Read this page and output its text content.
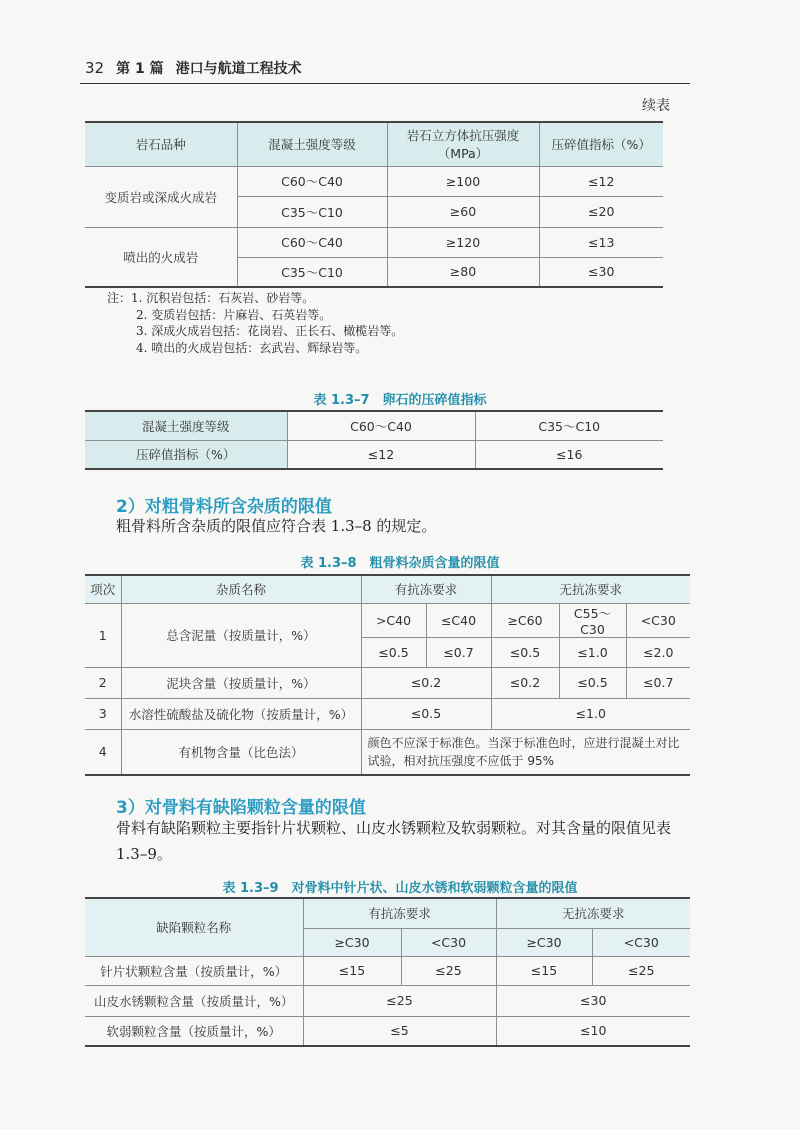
32 第 1 篇 港口与航道工程技术
续表
岩石品种	混凝土强度等级	岩石立方体抗压强度（MPa）	压碎值指标（%）
变质岩或深成火成岩	C60～C40	≥100	≤12
	C35～C10	≥60	≤20
喷出的火成岩	C60～C40	≥120	≤13
	C35～C10	≥80	≤30
注：1. 沉积岩包括：石灰岩、砂岩等。
2. 变质岩包括：片麻岩、石英岩等。
3. 深成火成岩包括：花岗岩、正长石、橄榄岩等。
4. 喷出的火成岩包括：玄武岩、辉绿岩等。
表 1.3–7　卵石的压碎值指标
混凝土强度等级	C60～C40	C35～C10
压碎值指标（%）	≤12	≤16
2）对粗骨料所含杂质的限值
粗骨料所含杂质的限值应符合表 1.3–8 的规定。
表 1.3–8　粗骨料杂质含量的限值
项次	杂质名称	有抗冻要求		无抗冻要求		
1	总含泥量（按质量计，%）	>C40	≤C40	≥C60	C55～C30	<C30
		≤0.5	≤0.7	≤0.5	≤1.0	≤2.0
2	泥块含量（按质量计，%）	≤0.2		≤0.2	≤0.5	≤0.7
3	水溶性硫酸盐及硫化物（按质量计，%）	≤0.5		≤1.0		
4	有机物含量（比色法）	颜色不应深于标准色。当深于标准色时，应进行混凝土对比试验，相对抗压强度不应低于 95%				
3）对骨料有缺陷颗粒含量的限值
骨料有缺陷颗粒主要指针片状颗粒、山皮水锈颗粒及软弱颗粒。对其含量的限值见表 1.3–9。
表 1.3–9　对骨料中针片状、山皮水锈和软弱颗粒含量的限值
缺陷颗粒名称	有抗冻要求		无抗冻要求	
	≥C30	<C30	≥C30	<C30
针片状颗粒含量（按质量计，%）	≤15	≤25	≤15	≤25
山皮水锈颗粒含量（按质量计，%）	≤25		≤30	
软弱颗粒含量（按质量计，%）	≤5		≤10	
